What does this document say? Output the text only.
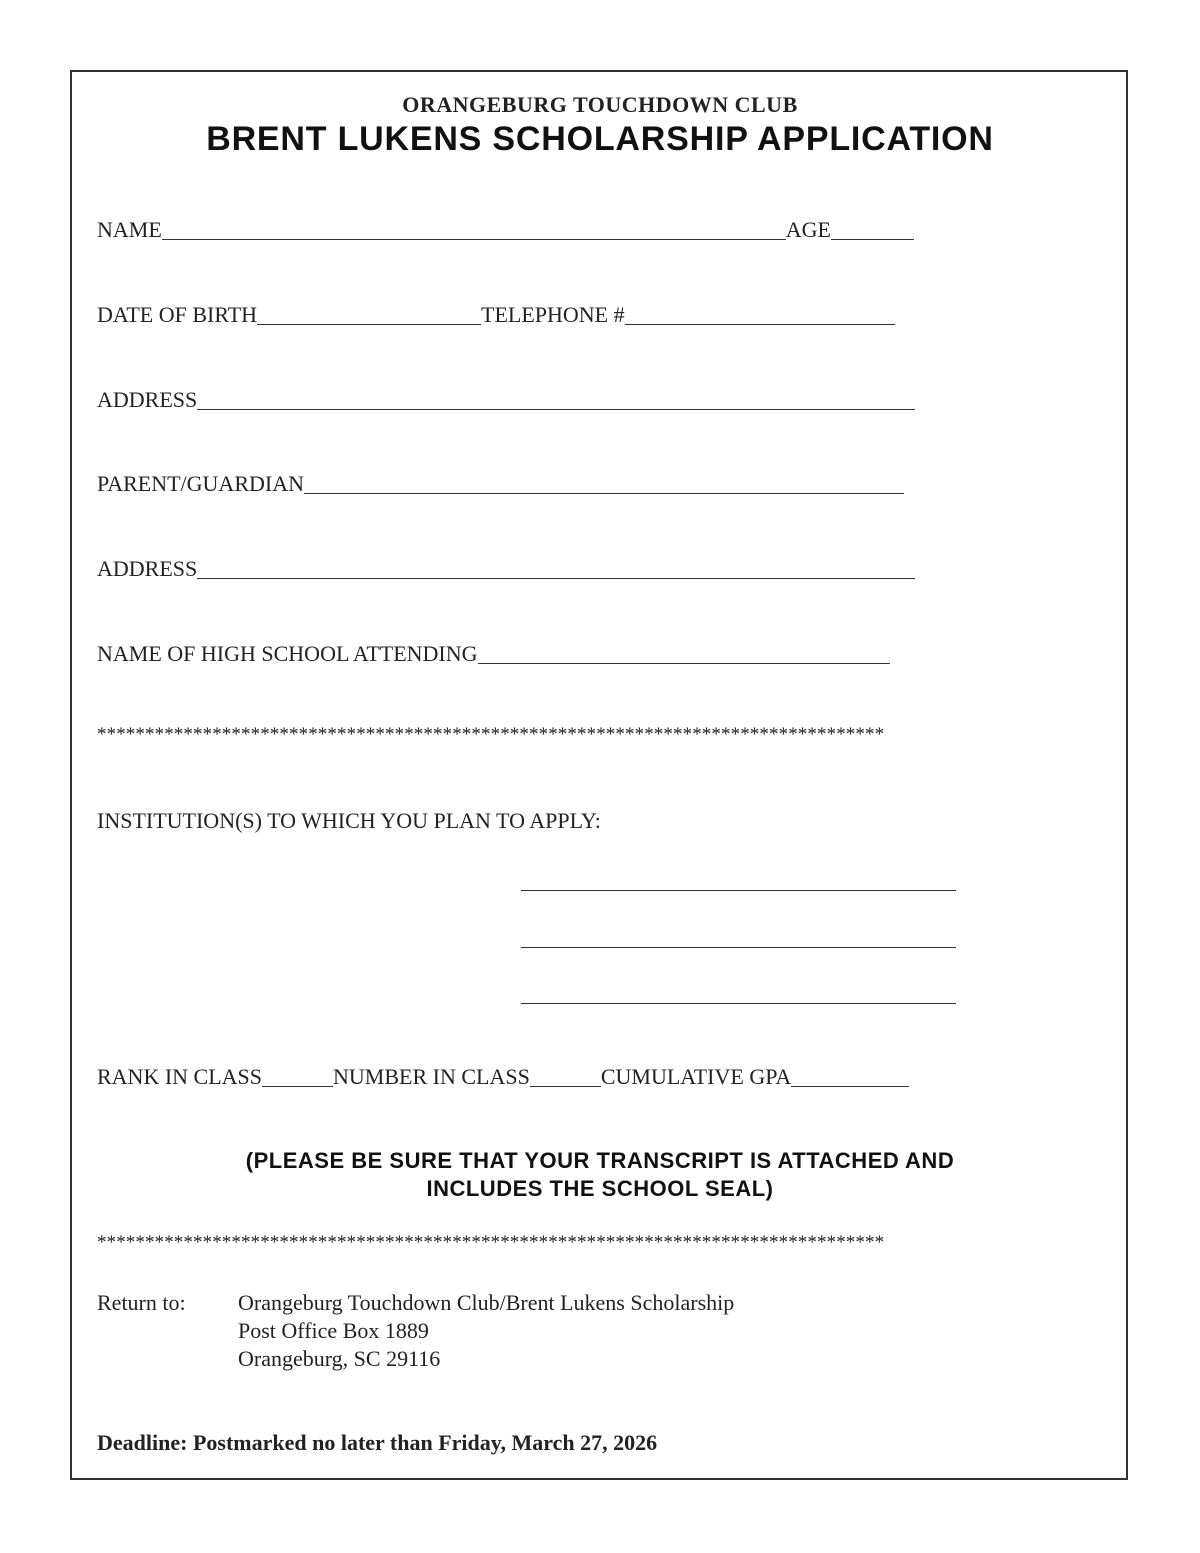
ORANGEBURG TOUCHDOWN CLUB
BRENT LUKENS SCHOLARSHIP APPLICATION
NAME	AGE
DATE OF BIRTH	TELEPHONE #
ADDRESS
PARENT/GUARDIAN
ADDRESS
NAME OF HIGH SCHOOL ATTENDING
**********************************************************************************
INSTITUTION(S) TO WHICH YOU PLAN TO APPLY:
RANK IN CLASS	NUMBER IN CLASS	CUMULATIVE GPA
(PLEASE BE SURE THAT YOUR TRANSCRIPT IS ATTACHED AND
INCLUDES THE SCHOOL SEAL)
**********************************************************************************
Return to: Orangeburg Touchdown Club/Brent Lukens Scholarship
Post Office Box 1889
Orangeburg, SC 29116
Deadline: Postmarked no later than Friday, March 27, 2026
